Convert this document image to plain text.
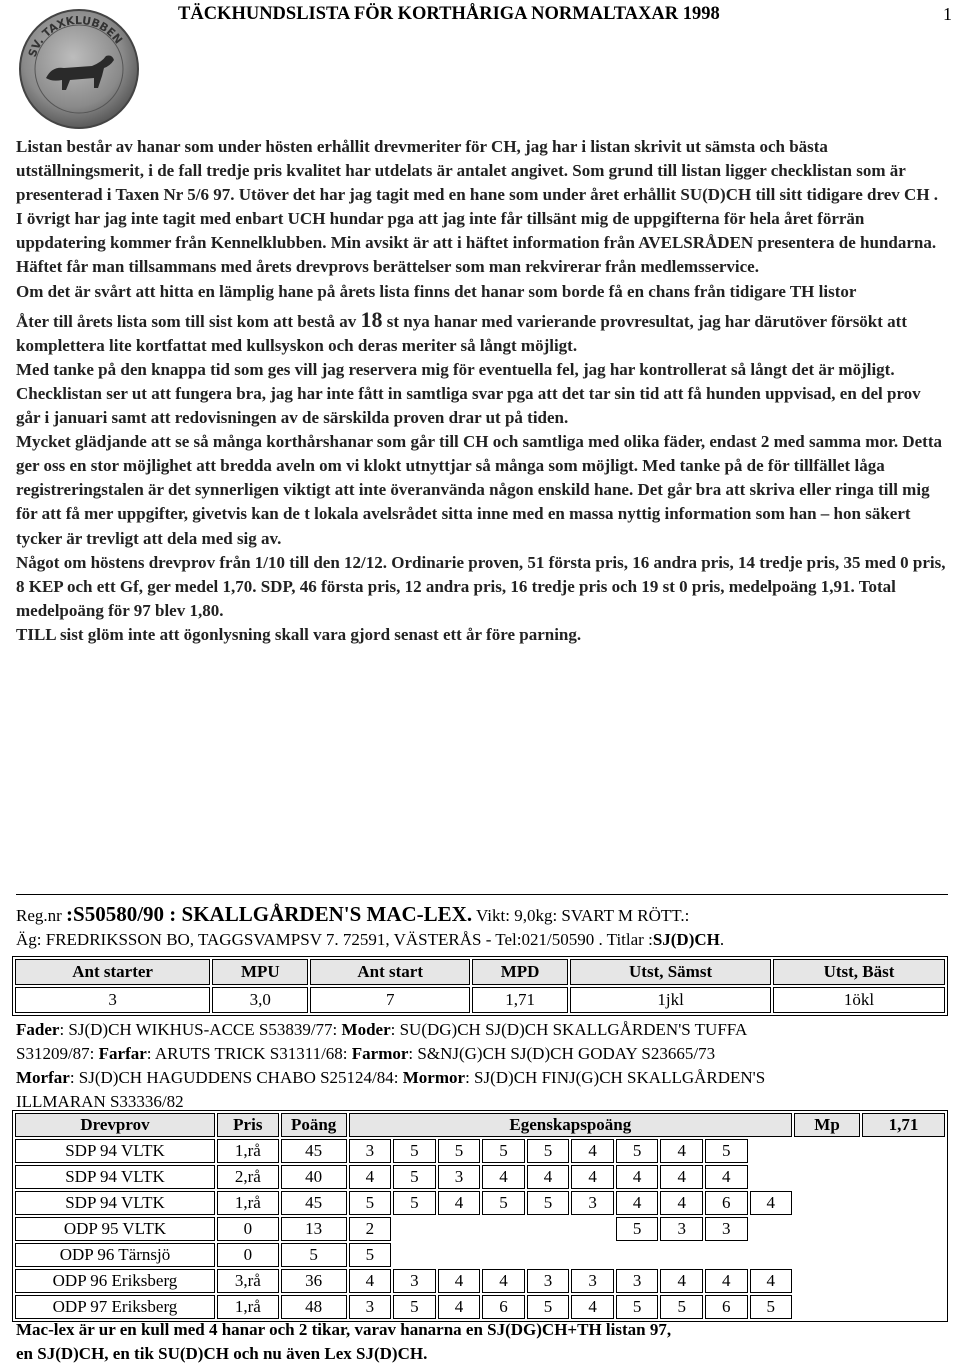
SV. TAXKLUBBEN
TÄCKHUNDSLISTA FÖR KORTHÅRIGA NORMALTAXAR 1998	1

Listan består av hanar som under hösten erhållit drevmeriter för CH, jag har i listan skrivit ut sämsta och bästa utställningsmerit, i de fall tredje pris kvalitet har utdelats är antalet angivet. Som grund till listan ligger checklistan som är presenterad i Taxen Nr 5/6 97. Utöver det har jag tagit med en hane som under året erhållit SU(D)CH till sitt tidigare drev CH . I övrigt har jag inte tagit med enbart UCH hundar pga att jag inte får tillsänt mig de uppgifterna för hela året förrän uppdatering kommer från Kennelklubben. Min avsikt är att i häftet information från AVELSRÅDEN presentera de hundarna. Häftet får man tillsammans med årets drevprovs berättelser som man rekvirerar från medlemsservice.

Om det är svårt att hitta en lämplig hane på årets lista finns det hanar som borde få en chans från tidigare TH listor

Åter till årets lista som till sist kom att bestå av 18 st nya hanar med varierande provresultat, jag har därutöver försökt att komplettera lite kortfattat med kullsyskon och deras meriter så långt möjligt.

Med tanke på den knappa tid som ges vill jag reservera mig för eventuella fel, jag har kontrollerat så långt det är möjligt. Checklistan ser ut att fungera bra, jag har inte fått in samtliga svar pga att det tar sin tid att få hunden uppvisad, en del prov går i januari samt att redovisningen av de särskilda proven drar ut på tiden.

Mycket glädjande att se så många korthårshanar som går till CH och samtliga med olika fäder, endast 2 med samma mor. Detta ger oss en stor möjlighet att bredda aveln om vi klokt utnyttjar så många som möjligt. Med tanke på de för tillfället låga registreringstalen är det synnerligen viktigt att inte överanvända någon enskild hane. Det går bra att skriva eller ringa till mig för att få mer uppgifter, givetvis kan de t lokala avelsrådet sitta inne med en massa nyttig information som han – hon säkert tycker är trevligt att dela med sig av.

Något om höstens drevprov från 1/10 till den 12/12. Ordinarie proven, 51 första pris, 16 andra pris, 14 tredje pris, 35 med 0 pris, 8 KEP och ett Gf, ger medel 1,70. SDP, 46 första pris, 12 andra pris, 16 tredje pris och 19 st 0 pris, medelpoäng 1,91. Total medelpoäng för 97 blev 1,80.

TILL sist glöm inte att ögonlysning skall vara gjord senast ett år före parning.

Reg.nr :S50580/90 : SKALLGÅRDEN'S MAC-LEX. Vikt: 9,0kg: SVART M RÖTT.:
Äg: FREDRIKSSON BO, TAGGSVAMPSV 7. 72591, VÄSTERÅS - Tel:021/50590 . Titlar :SJ(D)CH.
Ant starter	MPU	Ant start	MPD	Utst, Sämst	Utst, Bäst
3	3,0	7	1,71	1jkl	1ökl

Fader: SJ(D)CH WIKHUS-ACCE S53839/77: Moder: SU(DG)CH SJ(D)CH SKALLGÅRDEN'S TUFFA

S31209/87: Farfar: ARUTS TRICK S31311/68: Farmor: S&NJ(G)CH SJ(D)CH GODAY S23665/73

Morfar: SJ(D)CH HAGUDDENS CHABO S25124/84: Mormor: SJ(D)CH FINJ(G)CH SKALLGÅRDEN'S

ILLMARAN S33336/82

Drevprov	Pris	Poäng	Egenskapspoäng										Mp	1,71
SDP 94 VLTK	1,rå	45	3	5	5	5	5	4	5	4	5			
SDP 94 VLTK	2,rå	40	4	5	3	4	4	4	4	4	4			
SDP 94 VLTK	1,rå	45	5	5	4	5	5	3	4	4	6	4		
ODP 95 VLTK	0	13	2						5	3	3			
ODP 96 Tärnsjö	0	5	5											
ODP 96 Eriksberg	3,rå	36	4	3	4	4	3	3	3	4	4	4		
ODP 97 Eriksberg	1,rå	48	3	5	4	6	5	4	5	5	6	5		

Mac-lex är ur en kull med 4 hanar och 2 tikar, varav hanarna en SJ(DG)CH+TH listan 97,

en SJ(D)CH, en tik SU(D)CH och nu även Lex SJ(D)CH.
